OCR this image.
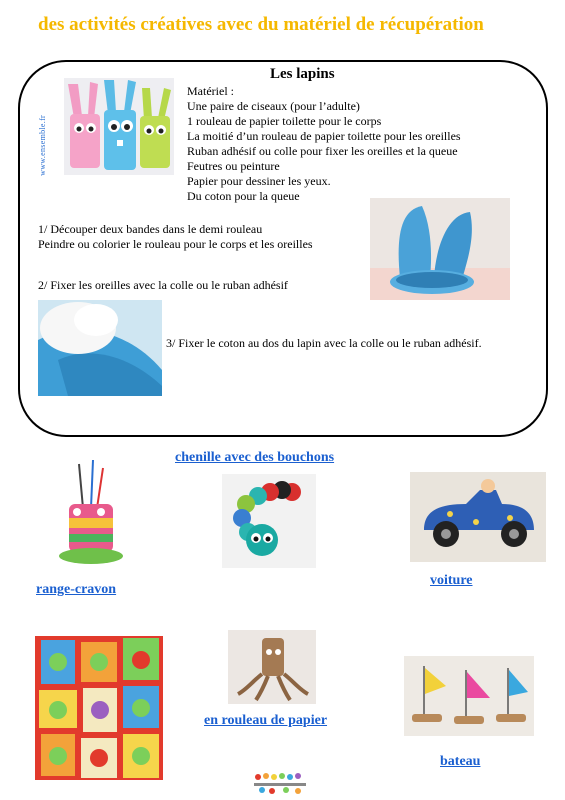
des activités créatives avec du matériel de récupération
Les lapins
www.ensemble.fr
Matériel :
Une paire de ciseaux (pour l’adulte)
1 rouleau de papier toilette pour le corps
La moitié d’un rouleau de papier toilette pour les oreilles
Ruban adhésif ou colle pour fixer les oreilles et la queue
Feutres ou peinture
Papier pour dessiner les yeux.
Du coton pour la queue
1/ Découper deux bandes dans le demi rouleau
Peindre ou colorier le rouleau pour le corps et les oreilles
2/ Fixer les oreilles avec la colle ou le ruban adhésif
3/ Fixer le coton au dos du lapin avec la colle ou le ruban adhésif.
chenille avec des bouchons
range-cravon
voiture
en rouleau de papier
bateau
